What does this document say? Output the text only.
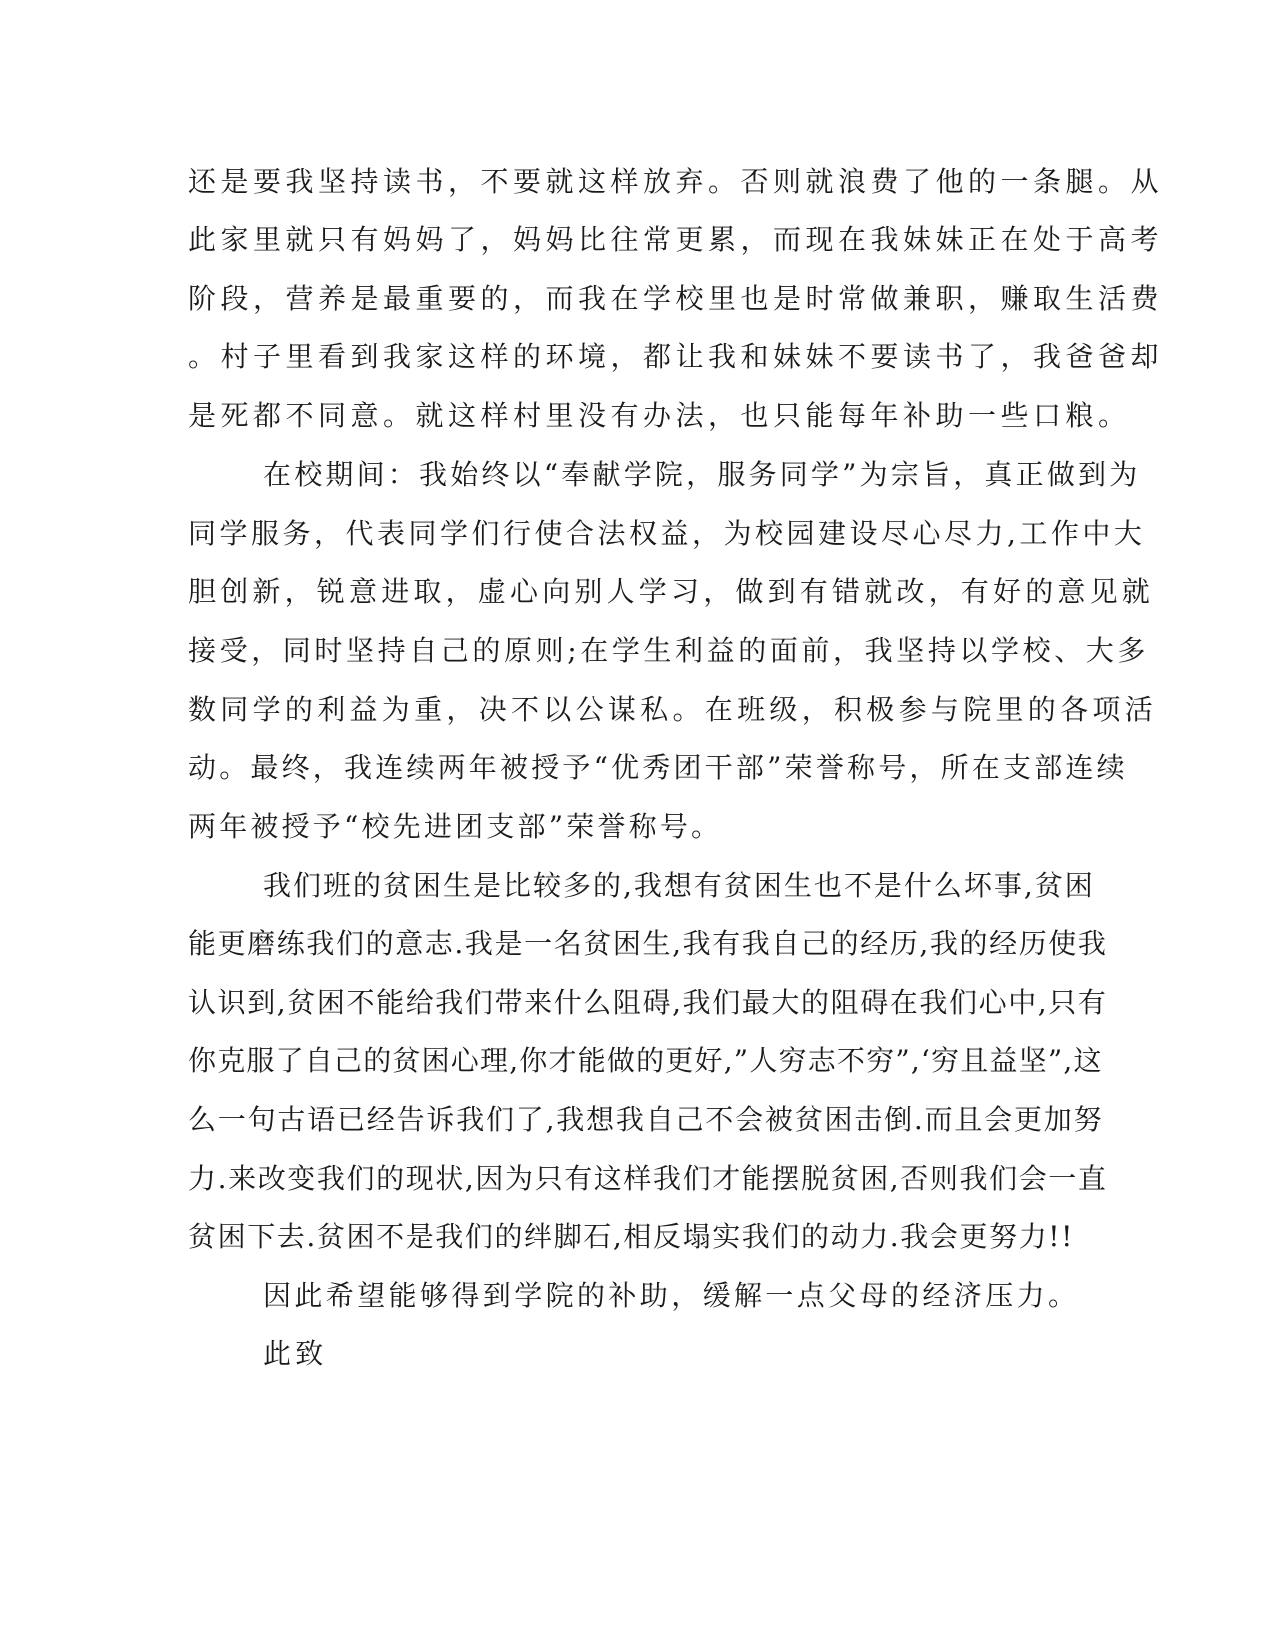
还是要我坚持读书，不要就这样放弃。否则就浪费了他的一条腿。从
此家里就只有妈妈了，妈妈比往常更累，而现在我妹妹正在处于高考
阶段，营养是最重要的，而我在学校里也是时常做兼职，赚取生活费
。村子里看到我家这样的环境，都让我和妹妹不要读书了，我爸爸却
是死都不同意。就这样村里没有办法，也只能每年补助一些口粮。
在校期间：我始终以“奉献学院，服务同学”为宗旨，真正做到为
同学服务，代表同学们行使合法权益，为校园建设尽心尽力,工作中大
胆创新，锐意进取，虚心向别人学习，做到有错就改，有好的意见就
接受，同时坚持自己的原则;在学生利益的面前，我坚持以学校、大多
数同学的利益为重，决不以公谋私。在班级，积极参与院里的各项活
动。最终，我连续两年被授予“优秀团干部”荣誉称号，所在支部连续
两年被授予“校先进团支部”荣誉称号。
我们班的贫困生是比较多的,我想有贫困生也不是什么坏事,贫困
能更磨练我们的意志.我是一名贫困生,我有我自己的经历,我的经历使我
认识到,贫困不能给我们带来什么阻碍,我们最大的阻碍在我们心中,只有
你克服了自己的贫困心理,你才能做的更好,”人穷志不穷”,‘穷且益坚”,这
么一句古语已经告诉我们了,我想我自己不会被贫困击倒.而且会更加努
力.来改变我们的现状,因为只有这样我们才能摆脱贫困,否则我们会一直
贫困下去.贫困不是我们的绊脚石,相反塌实我们的动力.我会更努力!!
因此希望能够得到学院的补助，缓解一点父母的经济压力。
此致
